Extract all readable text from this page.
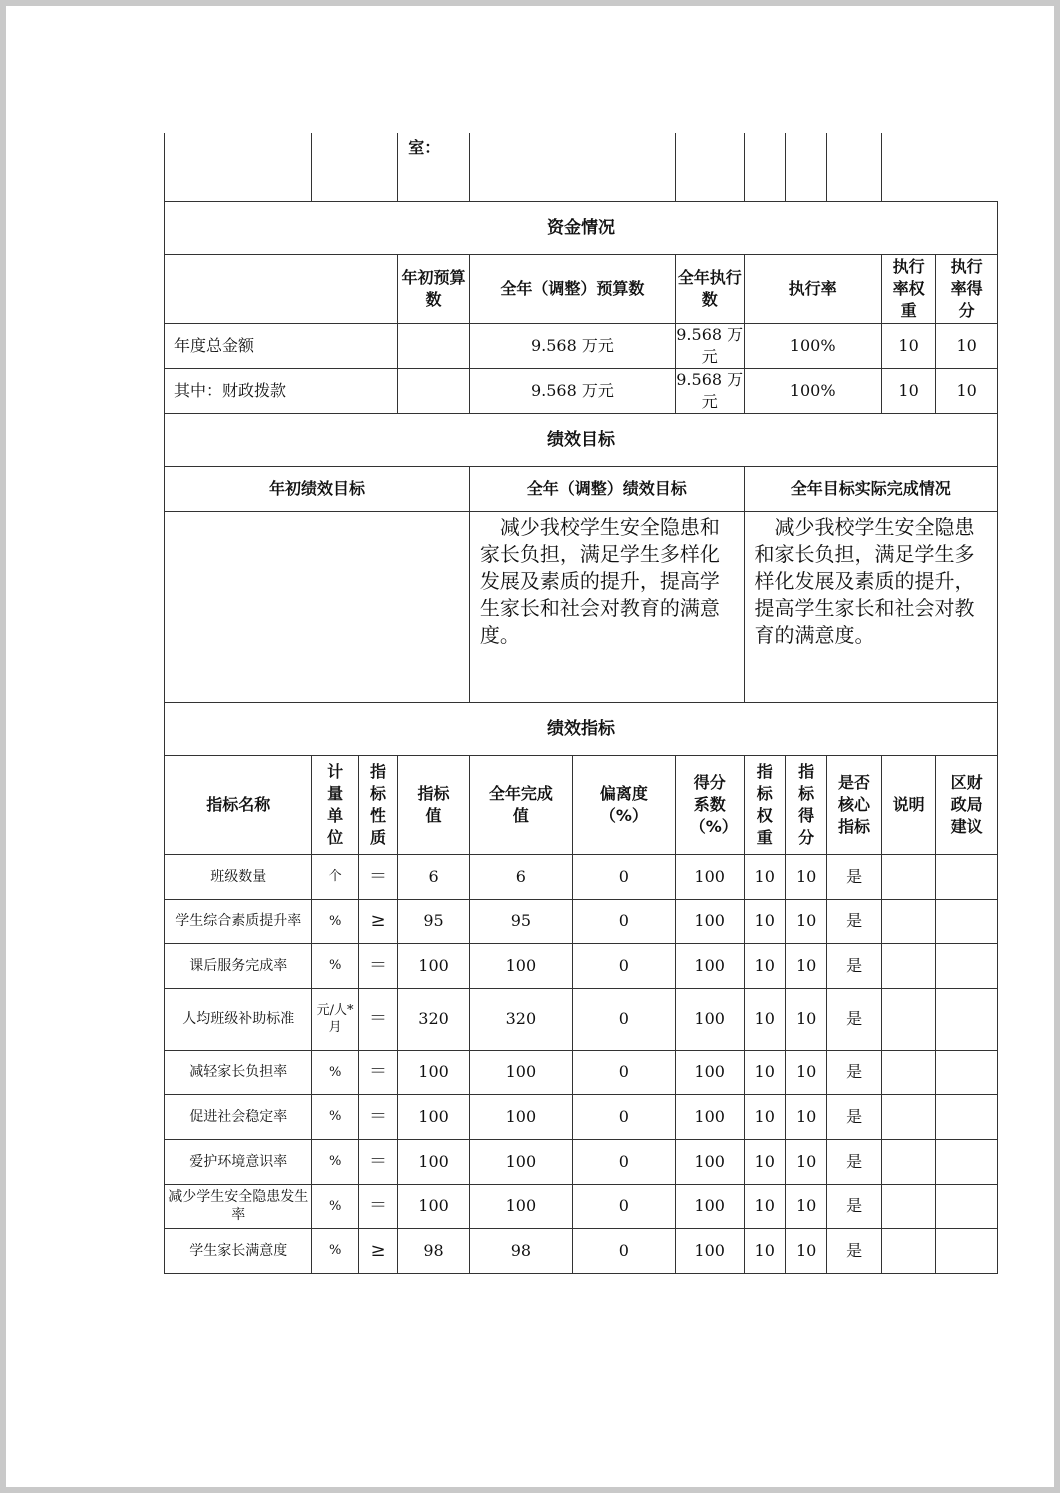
			室：								
资金情况											
			年初预算数	全年（调整）预算数		全年执行数	执行率			执行率权重	执行率得分
年度总金额				9.568 万元		9.568 万元	100%			10	10
其中：财政拨款				9.568 万元		9.568 万元	100%			10	10
绩效目标											
年初绩效目标				全年（调整）绩效目标			全年目标实际完成情况				
				减少我校学生安全隐患和家长负担，满足学生多样化发展及素质的提升，提高学生家长和社会对教育的满意度。			减少我校学生安全隐患和家长负担，满足学生多样化发展及素质的提升，提高学生家长和社会对教育的满意度。				
绩效指标											
指标名称	计量单位	指标性质	指标值	全年完成值	偏离度（%）	得分系数（%）	指标权重	指标得分	是否核心指标	说明	区财政局建议
班级数量	个	＝	6	6	0	100	10	10	是		
学生综合素质提升率	%	≥	95	95	0	100	10	10	是		
课后服务完成率	%	＝	100	100	0	100	10	10	是		
人均班级补助标准	元/人*月	＝	320	320	0	100	10	10	是		
减轻家长负担率	%	＝	100	100	0	100	10	10	是		
促进社会稳定率	%	＝	100	100	0	100	10	10	是		
爱护环境意识率	%	＝	100	100	0	100	10	10	是		
减少学生安全隐患发生率	%	＝	100	100	0	100	10	10	是		
学生家长满意度	%	≥	98	98	0	100	10	10	是		
